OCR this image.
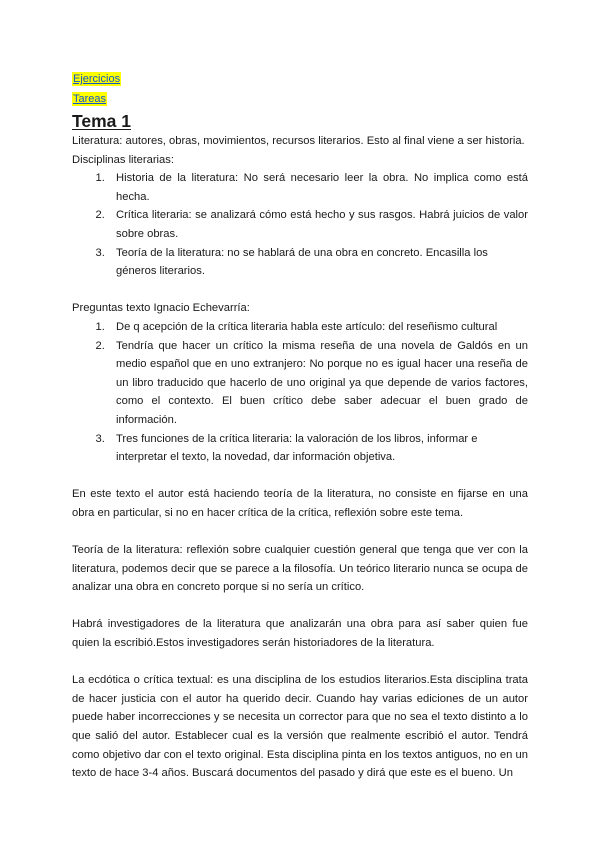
Ejercicios
Tareas
Tema 1

Literatura: autores, obras, movimientos, recursos literarios. Esto al final viene a ser historia.

Disciplinas literarias:

1. Historia de la literatura: No será necesario leer la obra. No implica como está hecha.
2. Crítica literaria: se analizará cómo está hecho y sus rasgos. Habrá juicios de valor sobre obras.
3. Teoría de la literatura: no se hablará de una obra en concreto. Encasilla los géneros literarios.

Preguntas texto Ignacio Echevarría:

1. De q acepción de la crítica literaria habla este artículo: del reseñismo cultural
2. Tendría que hacer un crítico la misma reseña de una novela de Galdós en un medio español que en uno extranjero: No porque no es igual hacer una reseña de un libro traducido que hacerlo de uno original ya que depende de varios factores, como el contexto. El buen crítico debe saber adecuar el buen grado de información.
3. Tres funciones de la crítica literaria: la valoración de los libros, informar e interpretar el texto, la novedad, dar información objetiva.

En este texto el autor está haciendo teoría de la literatura, no consiste en fijarse en una obra en particular, si no en hacer crítica de la crítica, reflexión sobre este tema.

Teoría de la literatura: reflexión sobre cualquier cuestión general que tenga que ver con la literatura, podemos decir que se parece a la filosofía. Un teórico literario nunca se ocupa de analizar una obra en concreto porque si no sería un crítico.

Habrá investigadores de la literatura que analizarán una obra para así saber quien fue quien la escribió.Estos investigadores serán historiadores de la literatura.

La ecdótica o crítica textual: es una disciplina de los estudios literarios.Esta disciplina trata de hacer justicia con el autor ha querido decir. Cuando hay varias ediciones de un autor puede haber incorrecciones y se necesita un corrector para que no sea el texto distinto a lo que salió del autor. Establecer cual es la versión que realmente escribió el autor. Tendrá como objetivo dar con el texto original. Esta disciplina pinta en los textos antiguos, no en un texto de hace 3-4 años. Buscará documentos del pasado y dirá que este es el bueno. Un
